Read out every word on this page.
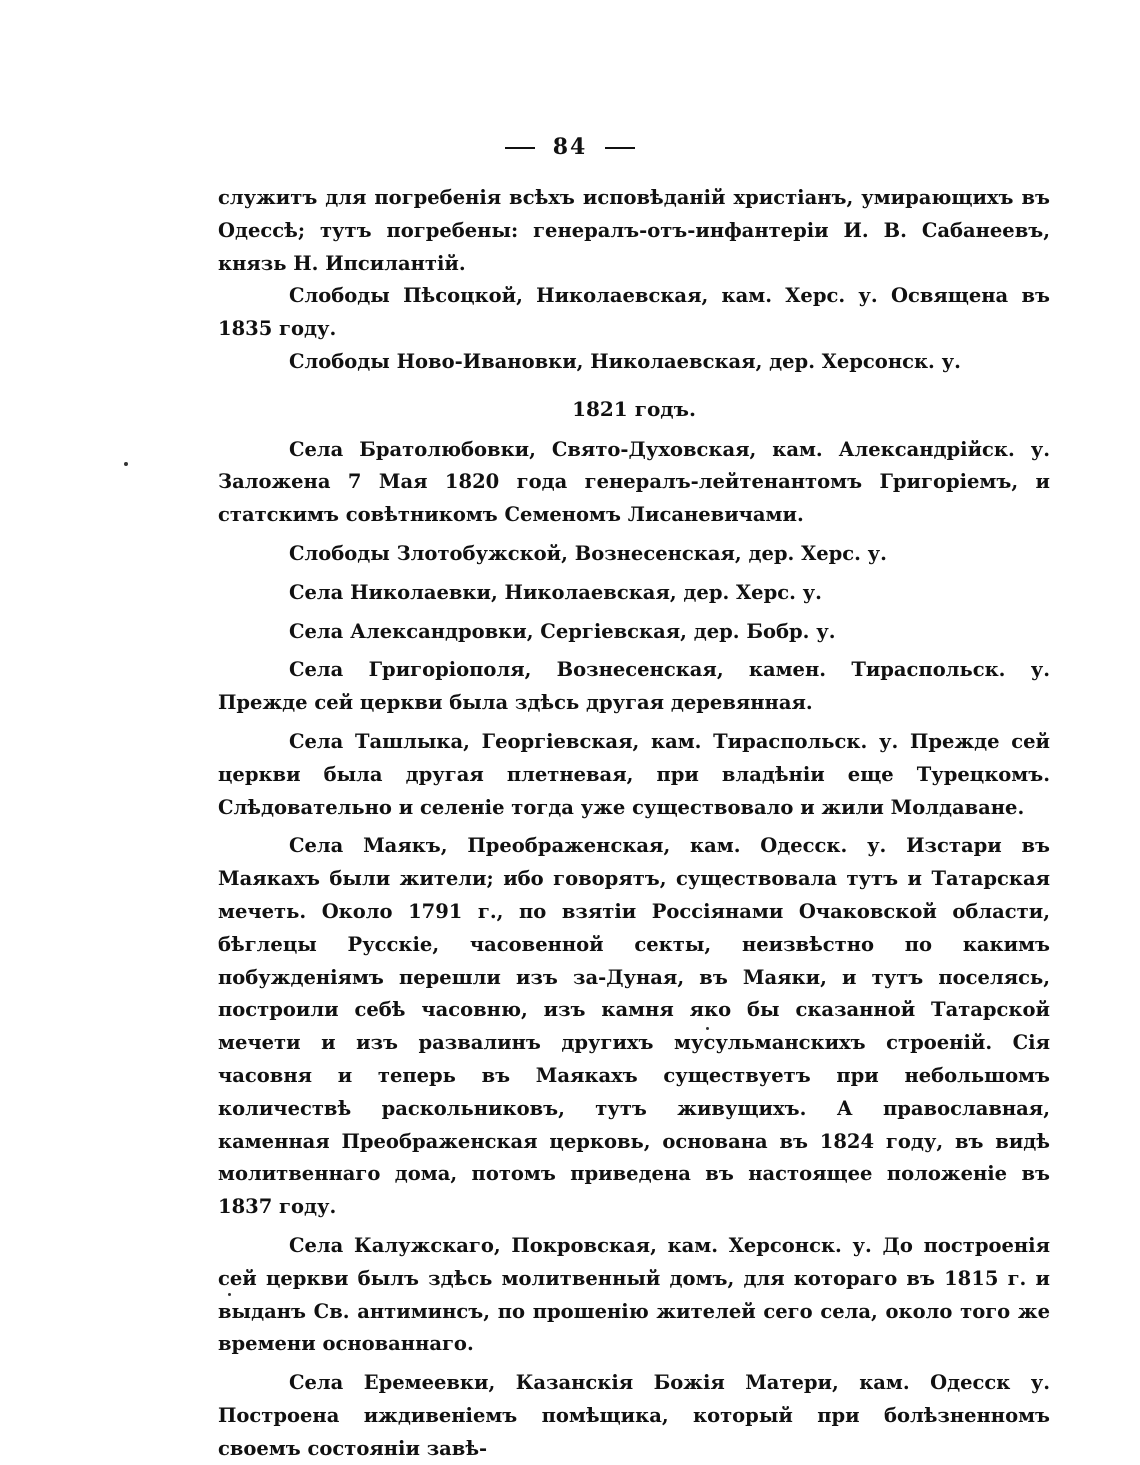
84

служитъ для погребенія всѣхъ исповѣданій христіанъ, умирающихъ въ Одессѣ; тутъ погребены: генералъ-отъ-инфантеріи И. В. Сабанеевъ, князь Н. Ипсилантій.

Слободы Пѣсоцкой, Николаевская, кам. Херс. у. Освящена въ 1835 году.

Слободы Ново-Ивановки, Николаевская, дер. Херсонск. у.

1821 годъ.

Села Братолюбовки, Свято-Духовская, кам. Александрійск. у. Заложена 7 Мая 1820 года генералъ-лейтенантомъ Григоріемъ, и статскимъ совѣтникомъ Семеномъ Лисаневичами.

Слободы Злотобужской, Вознесенская, дер. Херс. у.

Села Николаевки, Николаевская, дер. Херс. у.

Села Александровки, Сергіевская, дер. Бобр. у.

Села Григоріополя, Вознесенская, камен. Тираспольск. у. Прежде сей церкви была здѣсь другая деревянная.

Села Ташлыка, Георгіевская, кам. Тираспольск. у. Прежде сей церкви была другая плетневая, при владѣніи еще Турецкомъ. Слѣдовательно и селеніе тогда уже существовало и жили Молдаване.

Села Маякъ, Преображенская, кам. Одесск. у. Изстари въ Маякахъ были жители; ибо говорятъ, существовала тутъ и Татарская мечеть. Около 1791 г., по взятіи Россіянами Очаковской области, бѣглецы Русскіе, часовенной секты, неизвѣстно по какимъ побужденіямъ перешли изъ за-Дуная, въ Маяки, и тутъ поселясь, построили себѣ часовню, изъ камня яко бы сказанной Татарской мечети и изъ развалинъ другихъ мусульманскихъ строеній. Сія часовня и теперь въ Маякахъ существуетъ при небольшомъ количествѣ раскольниковъ, тутъ живущихъ. А православная, каменная Преображенская церковь, основана въ 1824 году, въ видѣ молитвеннаго дома, потомъ приведена въ настоящее положеніе въ 1837 году.

Села Калужскаго, Покровская, кам. Херсонск. у. До построенія сей церкви былъ здѣсь молитвенный домъ, для котораго въ 1815 г. и выданъ Св. антиминсъ, по прошенію жителей сего села, около того же времени основаннаго.

Села Еремеевки, Казанскія Божія Матери, кам. Одесск у. Построена иждивеніемъ помѣщика, который при болѣзненномъ своемъ состояніи завѣ-
